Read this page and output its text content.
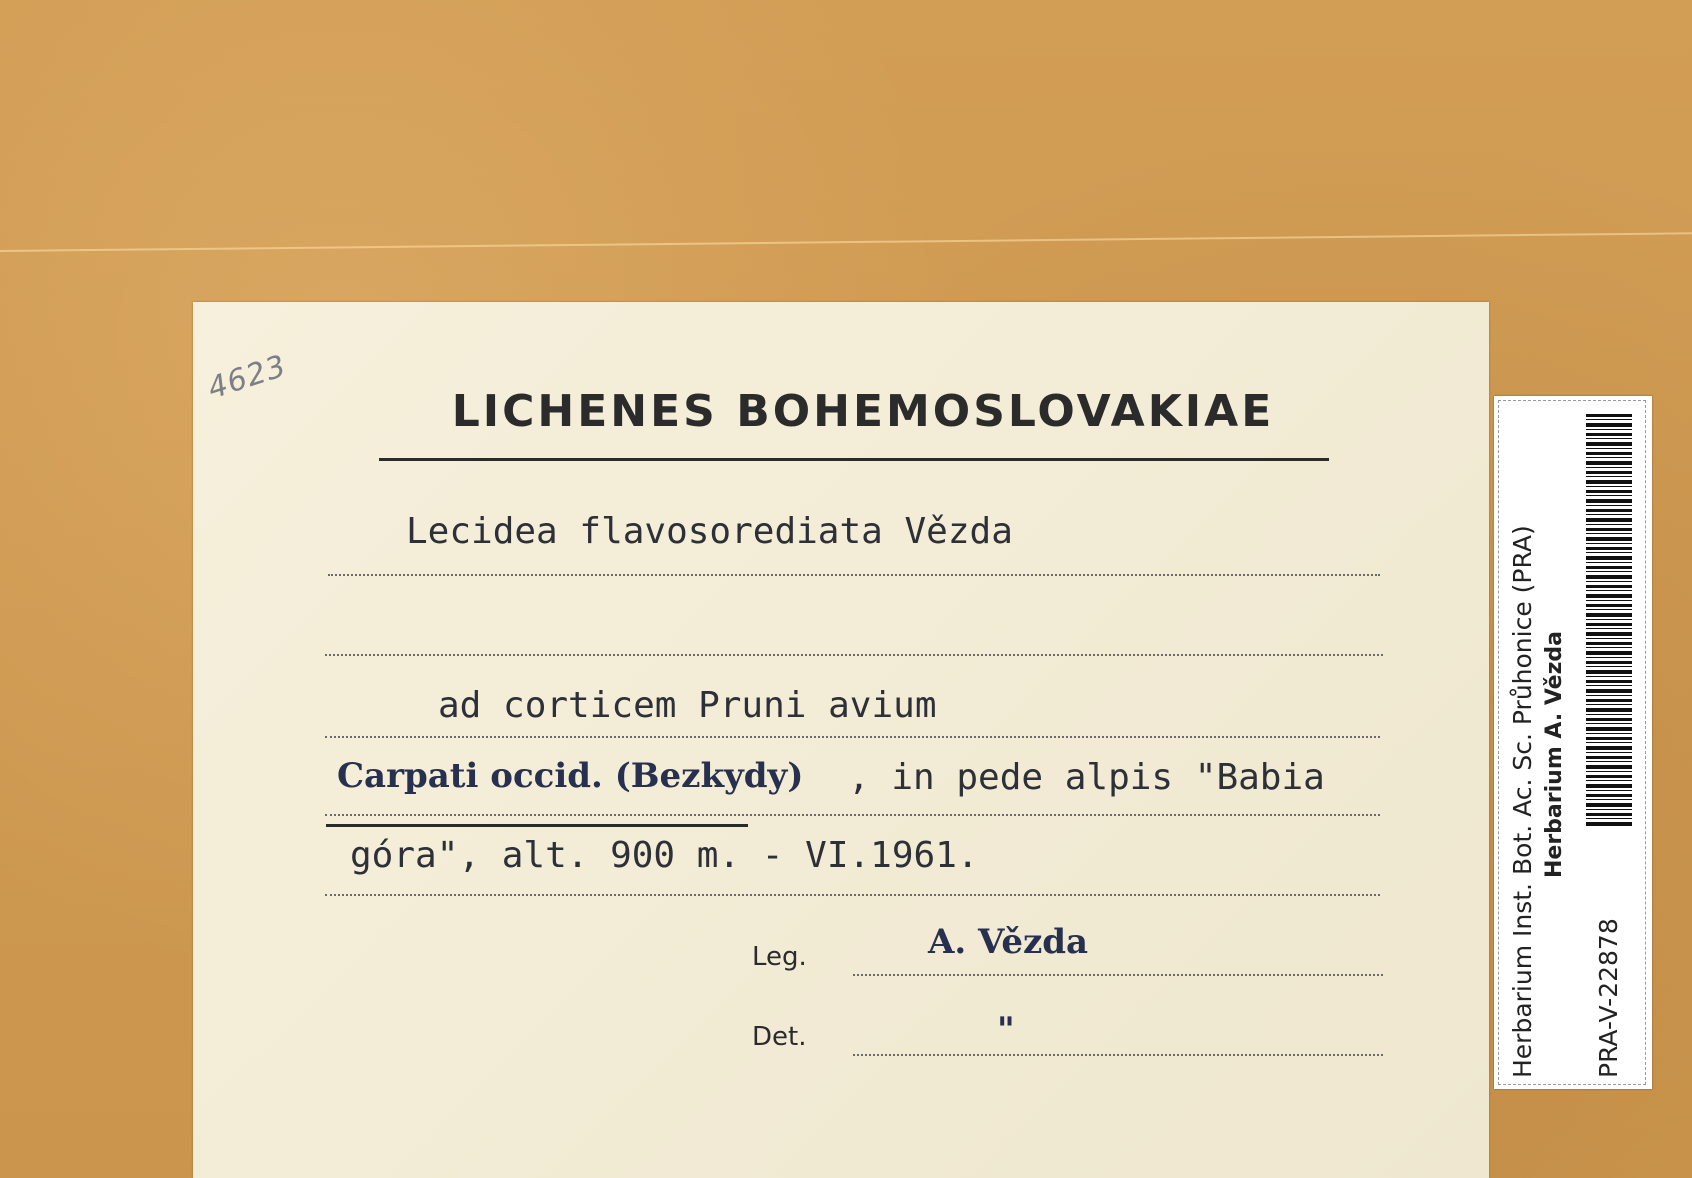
4623
LICHENES BOHEMOSLOVAKIAE
Lecidea flavosorediata Vězda
ad corticem Pruni avium
Carpati occid. (Bezkydy) , in pede alpis "Babia
góra", alt. 900 m. - VI.1961.
Leg.	A. Vězda
Det.	"	Herbarium Inst. Bot. Ac. Sc. Průhonice (PRA) Herbarium A. Vězda
PRA-V-22878
